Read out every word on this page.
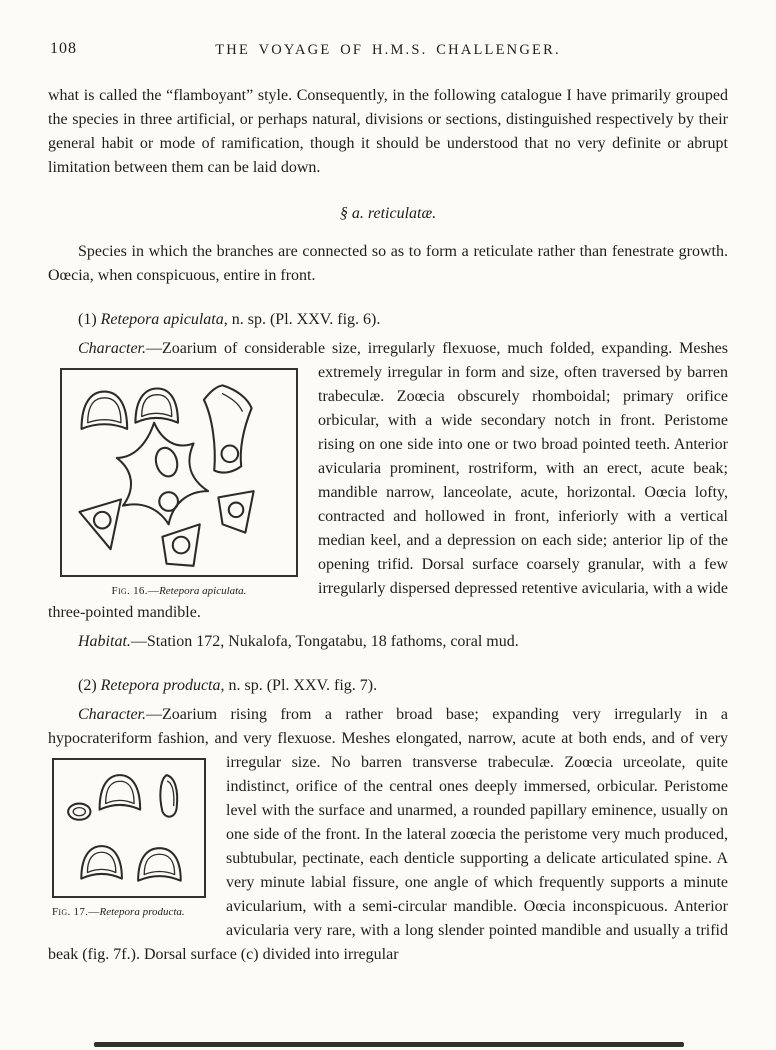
108	THE VOYAGE OF H.M.S. CHALLENGER.

what is called the “flamboyant” style. Consequently, in the following catalogue I have primarily grouped the species in three artificial, or perhaps natural, divisions or sections, distinguished respectively by their general habit or mode of ramification, though it should be understood that no very definite or abrupt limitation between them can be laid down.

§ a. reticulatæ.

Species in which the branches are connected so as to form a reticulate rather than fenestrate growth. Oœcia, when conspicuous, entire in front.

(1) Retepora apiculata, n. sp. (Pl. XXV. fig. 6).

Character.—Zoarium of considerable size, irregularly flexuose, much folded, expanding.
Fig. 16.—Retepora apiculata.
Meshes extremely irregular in form and size, often traversed by barren trabeculæ. Zoœcia obscurely rhomboidal; primary orifice orbicular, with a wide secondary notch in front. Peristome rising on one side into one or two broad pointed teeth. Anterior avicularia prominent, rostriform, with an erect, acute beak; mandible narrow, lanceolate, acute, horizontal. Oœcia lofty, contracted and hollowed in front, inferiorly with a vertical median keel, and a depression on each side; anterior lip of the opening trifid. Dorsal surface coarsely granular, with a few irregularly dispersed depressed retentive avicularia, with a wide three-pointed mandible.

Habitat.—Station 172, Nukalofa, Tongatabu, 18 fathoms, coral mud.

(2) Retepora producta, n. sp. (Pl. XXV. fig. 7).

Character.—Zoarium rising from a rather broad base; expanding very irregularly in a hypocrateriform fashion, and very flexuose. Meshes elongated, narrow, acute at both
Fig. 17.—Retepora producta.
ends, and of very irregular size. No barren transverse trabeculæ. Zoœcia urceolate, quite indistinct, orifice of the central ones deeply immersed, orbicular. Peristome level with the surface and unarmed, a rounded papillary eminence, usually on one side of the front. In the lateral zoœcia the peristome very much produced, subtubular, pectinate, each denticle supporting a delicate articulated spine. A very minute labial fissure, one angle of which frequently supports a minute avicularium, with a semi-circular mandible. Oœcia inconspicuous. Anterior avicularia very rare, with a long slender pointed mandible and usually a trifid beak (fig. 7f.). Dorsal surface (c) divided into irregular
